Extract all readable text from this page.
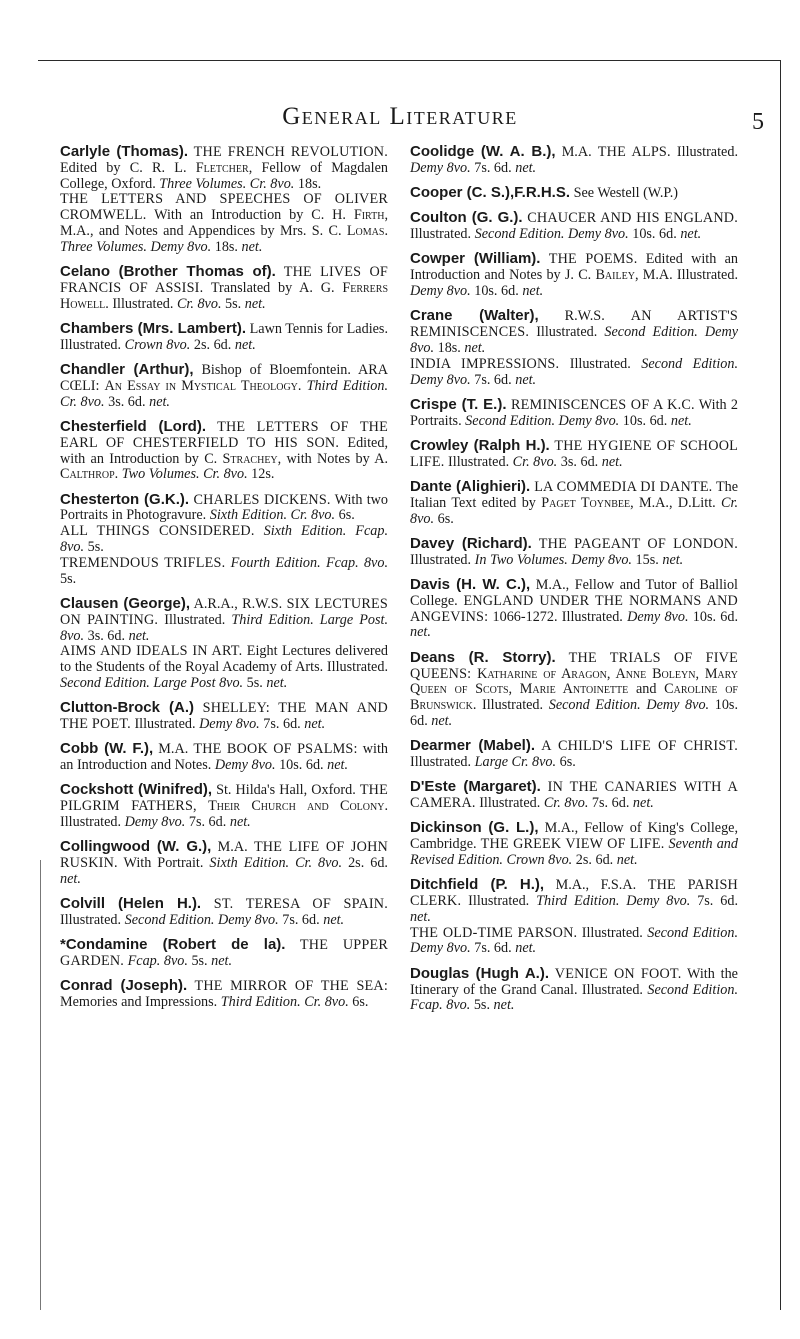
General Literature	5

Carlyle (Thomas). THE FRENCH REVOLUTION. Edited by C. R. L. Fletcher, Fellow of Magdalen College, Oxford. Three Volumes. Cr. 8vo. 18s.
THE LETTERS AND SPEECHES OF OLIVER CROMWELL. With an Introduction by C. H. Firth, M.A., and Notes and Appendices by Mrs. S. C. Lomas. Three Volumes. Demy 8vo. 18s. net.

Celano (Brother Thomas of). THE LIVES OF FRANCIS OF ASSISI. Translated by A. G. Ferrers Howell. Illustrated. Cr. 8vo. 5s. net.

Chambers (Mrs. Lambert). Lawn Tennis for Ladies. Illustrated. Crown 8vo. 2s. 6d. net.

Chandler (Arthur), Bishop of Bloemfontein. ARA CŒLI: An Essay in Mystical Theology. Third Edition. Cr. 8vo. 3s. 6d. net.

Chesterfield (Lord). THE LETTERS OF THE EARL OF CHESTERFIELD TO HIS SON. Edited, with an Introduction by C. Strachey, with Notes by A. Calthrop. Two Volumes. Cr. 8vo. 12s.

Chesterton (G.K.). CHARLES DICKENS. With two Portraits in Photogravure. Sixth Edition. Cr. 8vo. 6s.
ALL THINGS CONSIDERED. Sixth Edition. Fcap. 8vo. 5s.
TREMENDOUS TRIFLES. Fourth Edition. Fcap. 8vo. 5s.

Clausen (George), A.R.A., R.W.S. SIX LECTURES ON PAINTING. Illustrated. Third Edition. Large Post. 8vo. 3s. 6d. net.
AIMS AND IDEALS IN ART. Eight Lectures delivered to the Students of the Royal Academy of Arts. Illustrated. Second Edition. Large Post 8vo. 5s. net.

Clutton-Brock (A.) SHELLEY: THE MAN AND THE POET. Illustrated. Demy 8vo. 7s. 6d. net.

Cobb (W. F.), M.A. THE BOOK OF PSALMS: with an Introduction and Notes. Demy 8vo. 10s. 6d. net.

Cockshott (Winifred), St. Hilda's Hall, Oxford. THE PILGRIM FATHERS, Their Church and Colony. Illustrated. Demy 8vo. 7s. 6d. net.

Collingwood (W. G.), M.A. THE LIFE OF JOHN RUSKIN. With Portrait. Sixth Edition. Cr. 8vo. 2s. 6d. net.

Colvill (Helen H.). ST. TERESA OF SPAIN. Illustrated. Second Edition. Demy 8vo. 7s. 6d. net.

*Condamine (Robert de la). THE UPPER GARDEN. Fcap. 8vo. 5s. net.

Conrad (Joseph). THE MIRROR OF THE SEA: Memories and Impressions. Third Edition. Cr. 8vo. 6s.

Coolidge (W. A. B.), M.A. THE ALPS. Illustrated. Demy 8vo. 7s. 6d. net.

Cooper (C. S.),F.R.H.S. See Westell (W.P.)

Coulton (G. G.). CHAUCER AND HIS ENGLAND. Illustrated. Second Edition. Demy 8vo. 10s. 6d. net.

Cowper (William). THE POEMS. Edited with an Introduction and Notes by J. C. Bailey, M.A. Illustrated. Demy 8vo. 10s. 6d. net.

Crane (Walter), R.W.S. AN ARTIST'S REMINISCENCES. Illustrated. Second Edition. Demy 8vo. 18s. net.
INDIA IMPRESSIONS. Illustrated. Second Edition. Demy 8vo. 7s. 6d. net.

Crispe (T. E.). REMINISCENCES OF A K.C. With 2 Portraits. Second Edition. Demy 8vo. 10s. 6d. net.

Crowley (Ralph H.). THE HYGIENE OF SCHOOL LIFE. Illustrated. Cr. 8vo. 3s. 6d. net.

Dante (Alighieri). LA COMMEDIA DI DANTE. The Italian Text edited by Paget Toynbee, M.A., D.Litt. Cr. 8vo. 6s.

Davey (Richard). THE PAGEANT OF LONDON. Illustrated. In Two Volumes. Demy 8vo. 15s. net.

Davis (H. W. C.), M.A., Fellow and Tutor of Balliol College. ENGLAND UNDER THE NORMANS AND ANGEVINS: 1066-1272. Illustrated. Demy 8vo. 10s. 6d. net.

Deans (R. Storry). THE TRIALS OF FIVE QUEENS: Katharine of Aragon, Anne Boleyn, Mary Queen of Scots, Marie Antoinette and Caroline of Brunswick. Illustrated. Second Edition. Demy 8vo. 10s. 6d. net.

Dearmer (Mabel). A CHILD'S LIFE OF CHRIST. Illustrated. Large Cr. 8vo. 6s.

D'Este (Margaret). IN THE CANARIES WITH A CAMERA. Illustrated. Cr. 8vo. 7s. 6d. net.

Dickinson (G. L.), M.A., Fellow of King's College, Cambridge. THE GREEK VIEW OF LIFE. Seventh and Revised Edition. Crown 8vo. 2s. 6d. net.

Ditchfield (P. H.), M.A., F.S.A. THE PARISH CLERK. Illustrated. Third Edition. Demy 8vo. 7s. 6d. net.
THE OLD-TIME PARSON. Illustrated. Second Edition. Demy 8vo. 7s. 6d. net.

Douglas (Hugh A.). VENICE ON FOOT. With the Itinerary of the Grand Canal. Illustrated. Second Edition. Fcap. 8vo. 5s. net.
